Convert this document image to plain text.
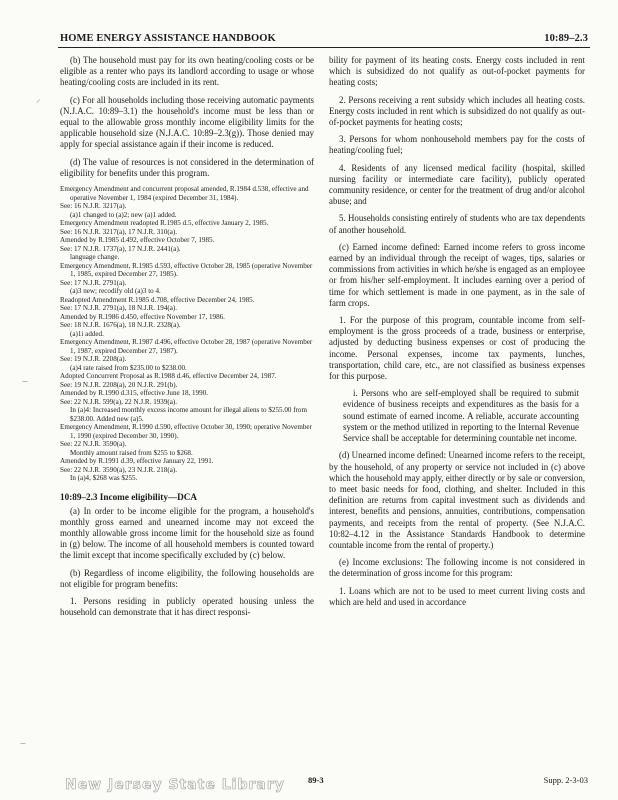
HOME ENERGY ASSISTANCE HANDBOOK	10:89–2.3

(b) The household must pay for its own heating/cooling costs or be eligible as a renter who pays its landlord according to usage or whose heating/cooling costs are included in its rent.

(c) For all households including those receiving automatic payments (N.J.A.C. 10:89–3.1) the household's income must be less than or equal to the allowable gross monthly income eligibility limits for the applicable household size (N.J.A.C. 10:89–2.3(g)). Those denied may apply for special assistance again if their income is reduced.

(d) The value of resources is not considered in the determination of eligibility for benefits under this program.

Emergency Amendment and concurrent proposal amended, R.1984 d.538, effective and operative November 1, 1984 (expired December 31, 1984).

See: 16 N.J.R. 3217(a).

(a)1 changed to (a)2; new (a)1 added.

Emergency Amendment readopted R.1985 d.5, effective January 2, 1985.

See: 16 N.J.R. 3217(a), 17 N.J.R. 310(a).

Amended by R.1985 d.492, effective October 7, 1985.

See: 17 N.J.R. 1737(a), 17 N.J.R. 2441(a).

language change.

Emergency Amendment, R.1985 d.593, effective October 28, 1985 (operative November 1, 1985, expired December 27, 1985).

See: 17 N.J.R. 2791(a).

(a)3 new; recodify old (a)3 to 4.

Readopted Amendment R.1985 d.708, effective December 24, 1985.

See: 17 N.J.R. 2791(a), 18 N.J.R. 194(a).

Amended by R.1986 d.450, effective November 17, 1986.

See: 18 N.J.R. 1676(a), 18 N.J.R. 2328(a).

(a)1i added.

Emergency Amendment, R.1987 d.496, effective October 28, 1987 (operative November 1, 1987, expired December 27, 1987).

See: 19 N.J.R. 2208(a).

(a)4 rate raised from $235.00 to $238.00.

Adopted Concurrent Proposal as R.1988 d.46, effective December 24, 1987.

See: 19 N.J.R. 2208(a), 20 N.J.R. 291(b).

Amended by R.1990 d.315, effective June 18, 1990.

See: 22 N.J.R. 599(a), 22 N.J.R. 1939(a).

In (a)4: Increased monthly excess income amount for illegal aliens to $255.00 from $238.00. Added new (a)5.

Emergency Amendment, R.1990 d.590, effective October 30, 1990; operative November 1, 1990 (expired December 30, 1990).

See: 22 N.J.R. 3590(a).

Monthly amount raised from $255 to $268.

Amended by R.1991 d.39, effective January 22, 1991.

See: 22 N.J.R. 3590(a), 23 N.J.R. 218(a).

In (a)4, $268 was $255.

10:89–2.3 Income eligibility—DCA

(a) In order to be income eligible for the program, a household's monthly gross earned and unearned income may not exceed the monthly allowable gross income limit for the household size as found in (g) below. The income of all household members is counted toward the limit except that income specifically excluded by (c) below.

(b) Regardless of income eligibility, the following households are not eligible for program benefits:

1. Persons residing in publicly operated housing unless the household can demonstrate that it has direct responsi-

bility for payment of its heating costs. Energy costs included in rent which is subsidized do not qualify as out-of-pocket payments for heating costs;

2. Persons receiving a rent subsidy which includes all heating costs. Energy costs included in rent which is subsidized do not qualify as out-of-pocket payments for heating costs;

3. Persons for whom nonhousehold members pay for the costs of heating/cooling fuel;

4. Residents of any licensed medical facility (hospital, skilled nursing facility or intermediate care facility), publicly operated community residence, or center for the treatment of drug and/or alcohol abuse; and

5. Households consisting entirely of students who are tax dependents of another household.

(c) Earned income defined: Earned income refers to gross income earned by an individual through the receipt of wages, tips, salaries or commissions from activities in which he/she is engaged as an employee or from his/her self-employment. It includes earning over a period of time for which settlement is made in one payment, as in the sale of farm crops.

1. For the purpose of this program, countable income from self-employment is the gross proceeds of a trade, business or enterprise, adjusted by deducting business expenses or cost of producing the income. Personal expenses, income tax payments, lunches, transportation, child care, etc., are not classified as business expenses for this purpose.

i. Persons who are self-employed shall be required to submit evidence of business receipts and expenditures as the basis for a sound estimate of earned income. A reliable, accurate accounting system or the method utilized in reporting to the Internal Revenue Service shall be acceptable for determining countable net income.

(d) Unearned income defined: Unearned income refers to the receipt, by the household, of any property or service not included in (c) above which the household may apply, either directly or by sale or conversion, to meet basic needs for food, clothing, and shelter. Included in this definition are returns from capital investment such as dividends and interest, benefits and pensions, annuities, contributions, compensation payments, and receipts from the rental of property. (See N.J.A.C. 10:82–4.12 in the Assistance Standards Handbook to determine countable income from the rental of property.)

(e) Income exclusions: The following income is not considered in the determination of gross income for this program:

1. Loans which are not to be used to meet current living costs and which are held and used in accordance

⸝
⌣
⌣
New Jersey State Library	89-3	Supp. 2-3-03
